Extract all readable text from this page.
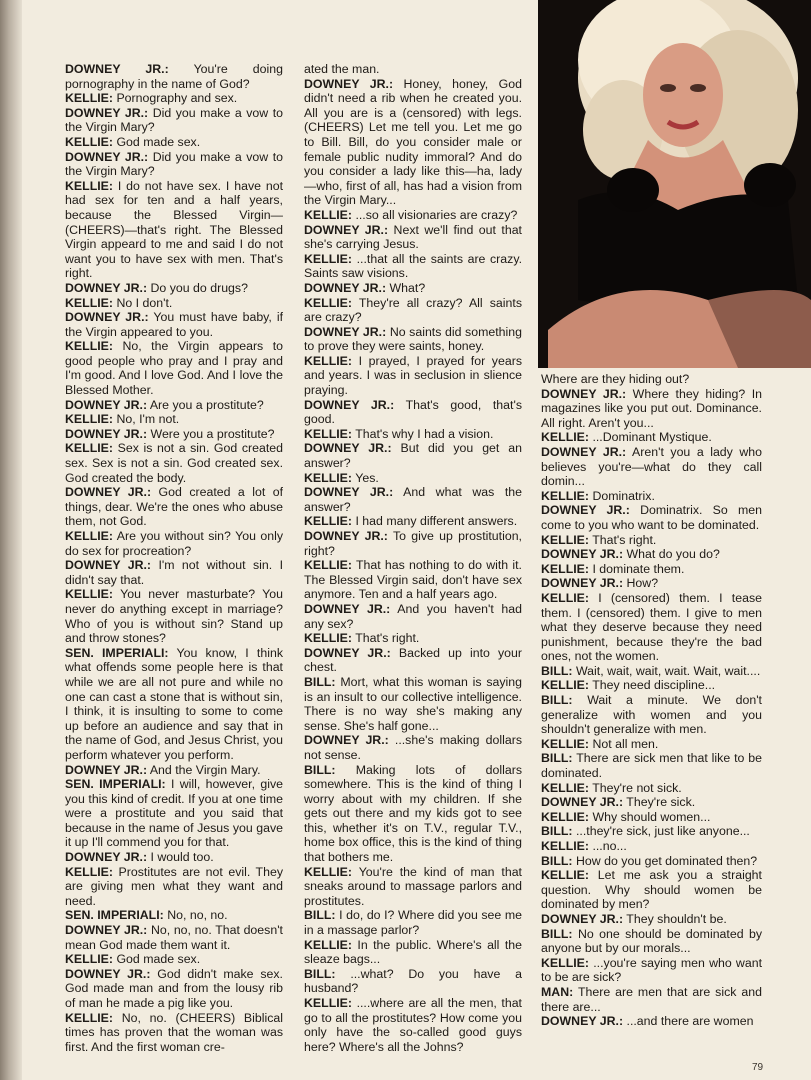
DOWNEY JR.: You're doing pornography in the name of God?

KELLIE: Pornography and sex.

DOWNEY JR.: Did you make a vow to the Virgin Mary?

KELLIE: God made sex.

DOWNEY JR.: Did you make a vow to the Virgin Mary?

KELLIE: I do not have sex. I have not had sex for ten and a half years, because the Blessed Virgin—(CHEERS)—that's right. The Blessed Virgin appeard to me and said I do not want you to have sex with men. That's right.

DOWNEY JR.: Do you do drugs?

KELLIE: No I don't.

DOWNEY JR.: You must have baby, if the Virgin appeared to you.

KELLIE: No, the Virgin appears to good people who pray and I pray and I'm good. And I love God. And I love the Blessed Mother.

DOWNEY JR.: Are you a prostitute?

KELLIE: No, I'm not.

DOWNEY JR.: Were you a prostitute?

KELLIE: Sex is not a sin. God created sex. Sex is not a sin. God created sex. God created the body.

DOWNEY JR.: God created a lot of things, dear. We're the ones who abuse them, not God.

KELLIE: Are you without sin? You only do sex for procreation?

DOWNEY JR.: I'm not without sin. I didn't say that.

KELLIE: You never masturbate? You never do anything except in marriage? Who of you is without sin? Stand up and throw stones?

SEN. IMPERIALI: You know, I think what offends some people here is that while we are all not pure and while no one can cast a stone that is without sin, I think, it is insulting to some to come up before an audience and say that in the name of God, and Jesus Christ, you perform whatever you perform.

DOWNEY JR.: And the Virgin Mary.

SEN. IMPERIALI: I will, however, give you this kind of credit. If you at one time were a prostitute and you said that because in the name of Jesus you gave it up I'll commend you for that.

DOWNEY JR.: I would too.

KELLIE: Prostitutes are not evil. They are giving men what they want and need.

SEN. IMPERIALI: No, no, no.

DOWNEY JR.: No, no, no. That doesn't mean God made them want it.

KELLIE: God made sex.

DOWNEY JR.: God didn't make sex. God made man and from the lousy rib of man he made a pig like you.

KELLIE: No, no. (CHEERS) Biblical times has proven that the woman was first. And the first woman cre-

ated the man.

DOWNEY JR.: Honey, honey, God didn't need a rib when he created you. All you are is a (censored) with legs. (CHEERS) Let me tell you. Let me go to Bill. Bill, do you consider male or female public nudity immoral? And do you consider a lady like this—ha, lady—who, first of all, has had a vision from the Virgin Mary...

KELLIE: ...so all visionaries are crazy?

DOWNEY JR.: Next we'll find out that she's carrying Jesus.

KELLIE: ...that all the saints are crazy. Saints saw visions.

DOWNEY JR.: What?

KELLIE: They're all crazy? All saints are crazy?

DOWNEY JR.: No saints did something to prove they were saints, honey.

KELLIE: I prayed, I prayed for years and years. I was in seclusion in slience praying.

DOWNEY JR.: That's good, that's good.

KELLIE: That's why I had a vision.

DOWNEY JR.: But did you get an answer?

KELLIE: Yes.

DOWNEY JR.: And what was the answer?

KELLIE: I had many different answers.

DOWNEY JR.: To give up prostitution, right?

KELLIE: That has nothing to do with it. The Blessed Virgin said, don't have sex anymore. Ten and a half years ago.

DOWNEY JR.: And you haven't had any sex?

KELLIE: That's right.

DOWNEY JR.: Backed up into your chest.

BILL: Mort, what this woman is saying is an insult to our collective intelligence. There is no way she's making any sense. She's half gone...

DOWNEY JR.: ...she's making dollars not sense.

BILL: Making lots of dollars somewhere. This is the kind of thing I worry about with my children. If she gets out there and my kids got to see this, whether it's on T.V., regular T.V., home box office, this is the kind of thing that bothers me.

KELLIE: You're the kind of man that sneaks around to massage parlors and prostitutes.

BILL: I do, do I? Where did you see me in a massage parlor?

KELLIE: In the public. Where's all the sleaze bags...

BILL: ...what? Do you have a husband?

KELLIE: ....where are all the men, that go to all the prostitutes? How come you only have the so-called good guys here? Where's all the Johns?

Where are they hiding out?

DOWNEY JR.: Where they hiding? In magazines like you put out. Dominance. All right. Aren't you...

KELLIE: ...Dominant Mystique.

DOWNEY JR.: Aren't you a lady who believes you're—what do they call domin...

KELLIE: Dominatrix.

DOWNEY JR.: Dominatrix. So men come to you who want to be dominated.

KELLIE: That's right.

DOWNEY JR.: What do you do?

KELLIE: I dominate them.

DOWNEY JR.: How?

KELLIE: I (censored) them. I tease them. I (censored) them. I give to men what they deserve because they need punishment, because they're the bad ones, not the women.

BILL: Wait, wait, wait, wait. Wait, wait....

KELLIE: They need discipline...

BILL: Wait a minute. We don't generalize with women and you shouldn't generalize with men.

KELLIE: Not all men.

BILL: There are sick men that like to be dominated.

KELLIE: They're not sick.

DOWNEY JR.: They're sick.

KELLIE: Why should women...

BILL: ...they're sick, just like anyone...

KELLIE: ...no...

BILL: How do you get dominated then?

KELLIE: Let me ask you a straight question. Why should women be dominated by men?

DOWNEY JR.: They shouldn't be.

BILL: No one should be dominated by anyone but by our morals...

KELLIE: ...you're saying men who want to be are sick?

MAN: There are men that are sick and there are...

DOWNEY JR.: ...and there are women

79
